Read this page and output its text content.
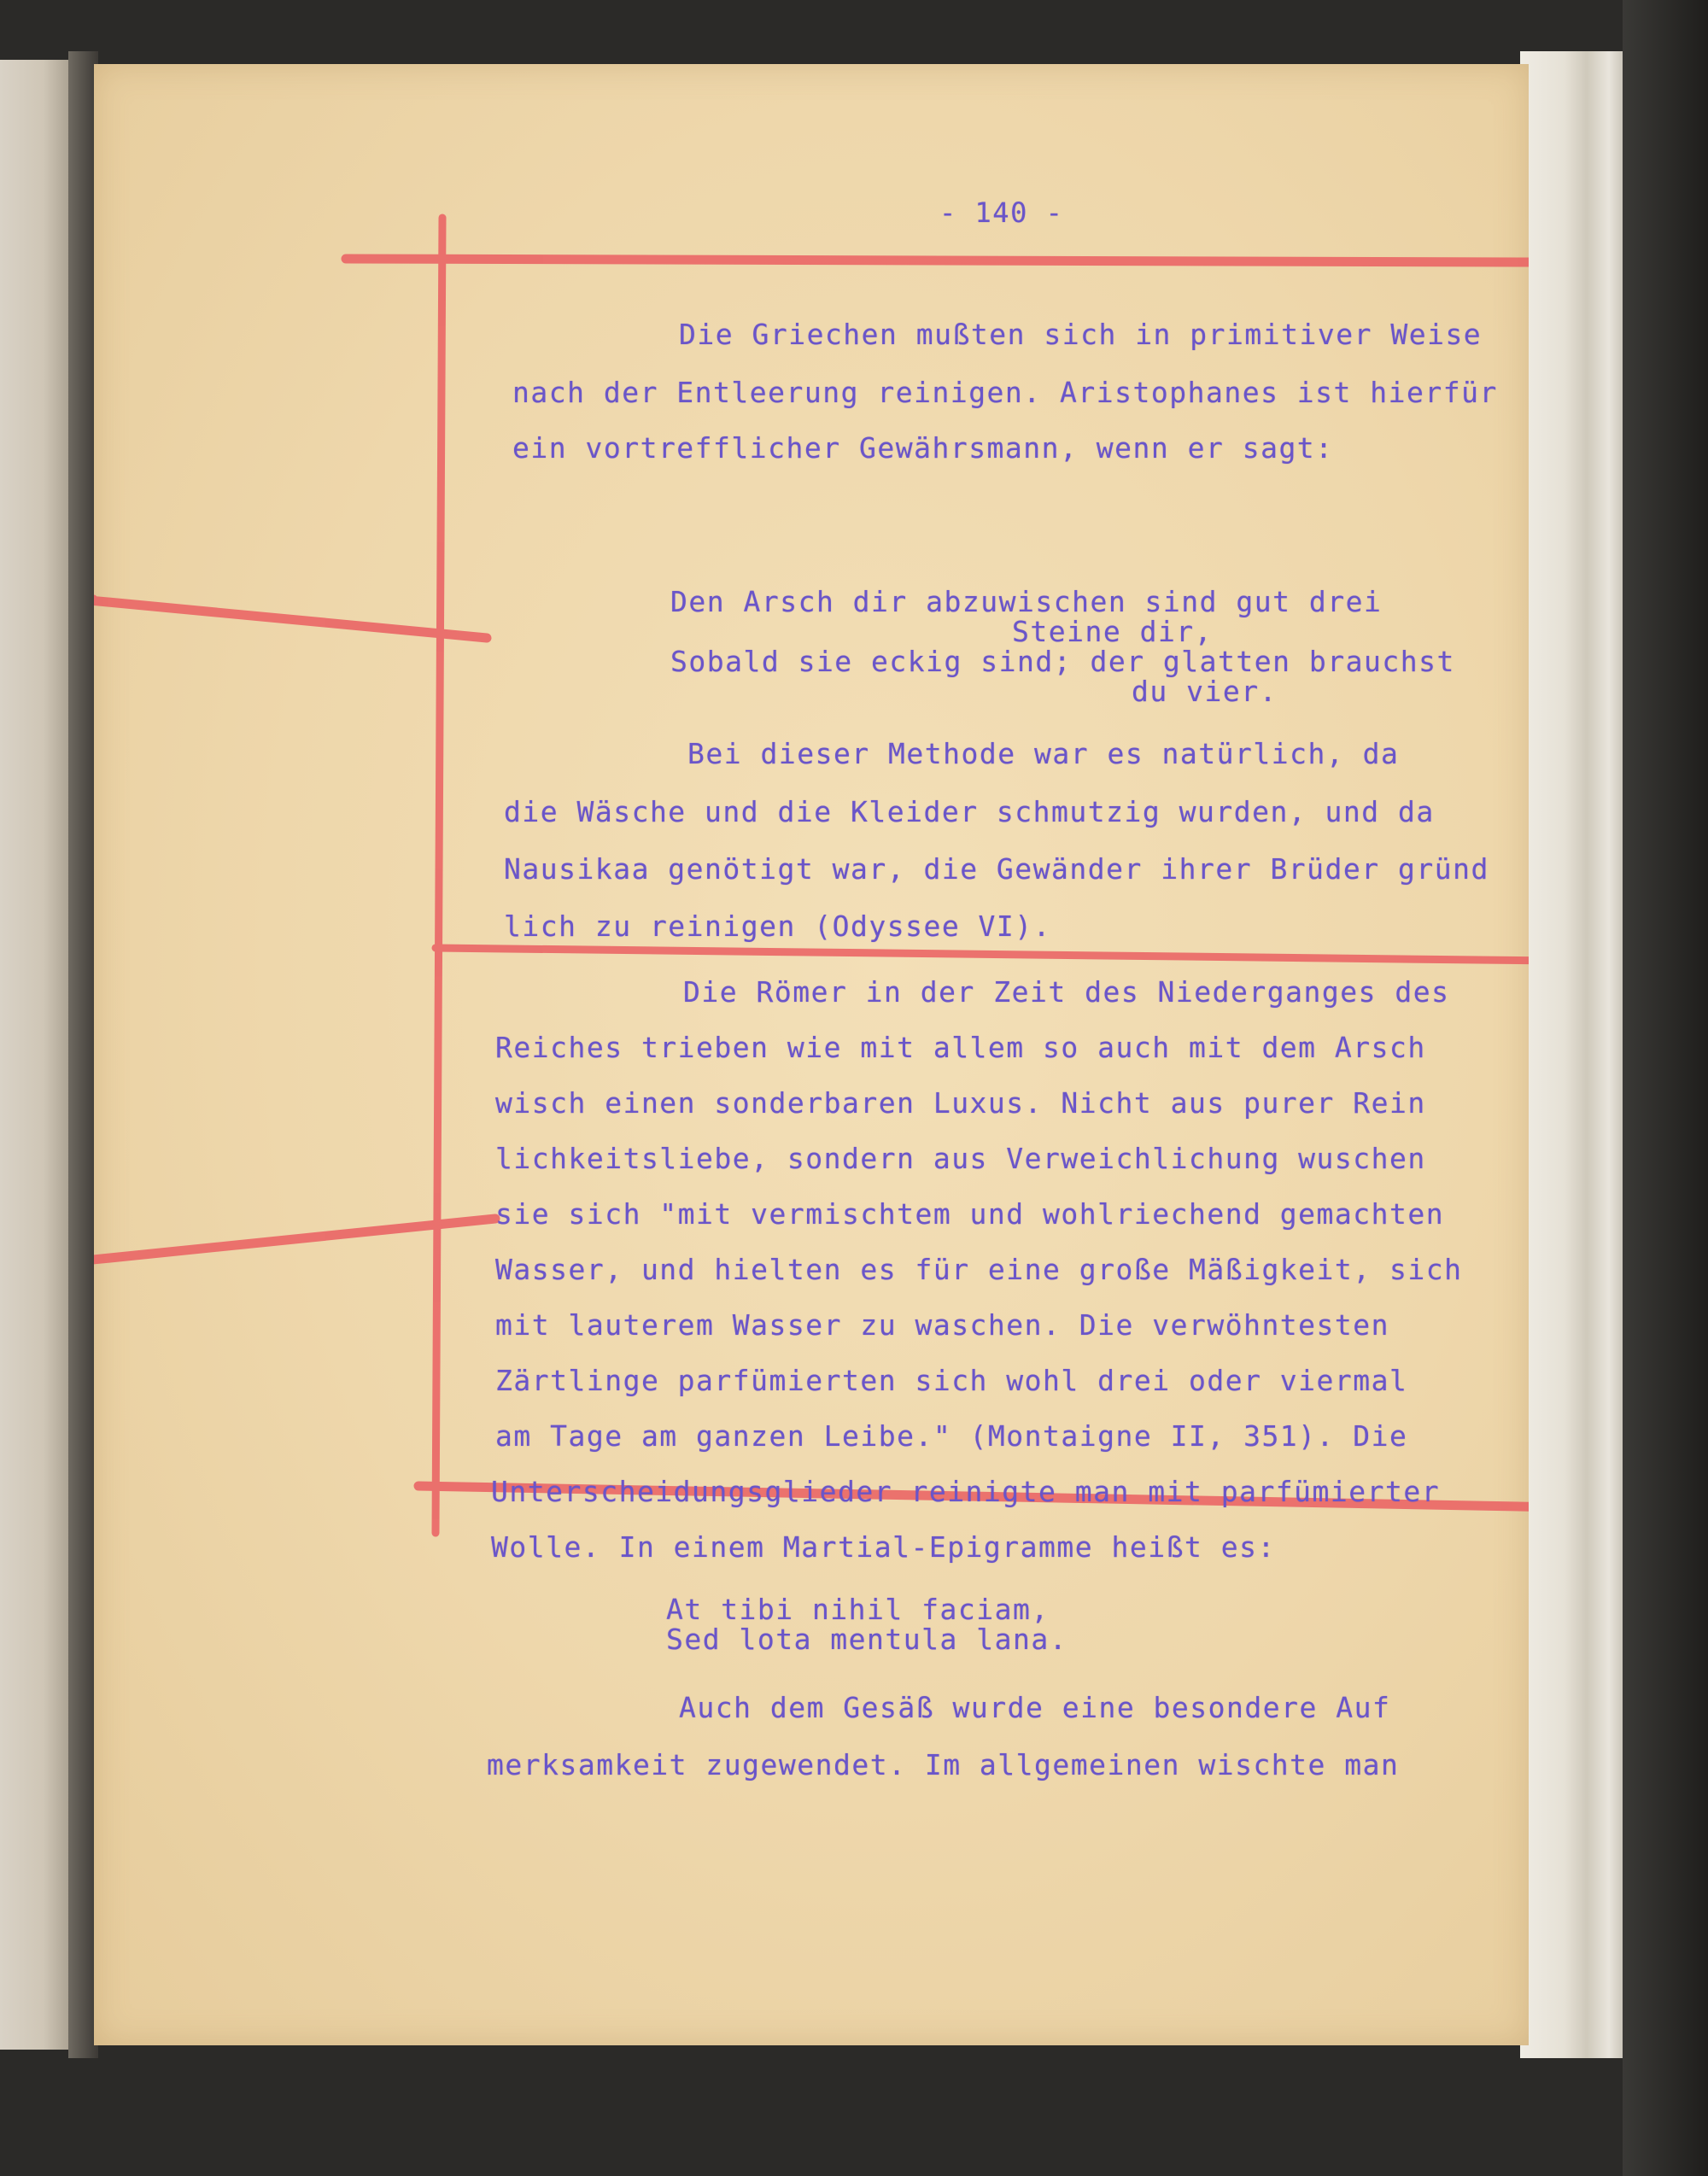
- 140 -
Die Griechen mußten sich in primitiver Weise
nach der Entleerung reinigen. Aristophanes ist hierfür
ein vortrefflicher Gewährsmann, wenn er sagt:
Den Arsch dir abzuwischen sind gut drei
Steine dir,
Sobald sie eckig sind; der glatten brauchst
du vier.
Bei dieser Methode war es natürlich, da
die Wäsche und die Kleider schmutzig wurden, und da
Nausikaa genötigt war, die Gewänder ihrer Brüder gründ
lich zu reinigen (Odyssee VI).
Die Römer in der Zeit des Niederganges des
Reiches trieben wie mit allem so auch mit dem Arsch
wisch einen sonderbaren Luxus. Nicht aus purer Rein
lichkeitsliebe, sondern aus Verweichlichung wuschen
sie sich "mit vermischtem und wohlriechend gemachten
Wasser, und hielten es für eine große Mäßigkeit, sich
mit lauterem Wasser zu waschen. Die verwöhntesten
Zärtlinge parfümierten sich wohl drei oder viermal
am Tage am ganzen Leibe." (Montaigne II, 351). Die
Unterscheidungsglieder reinigte man mit parfümierter
Wolle. In einem Martial-Epigramme heißt es:
At tibi nihil faciam,
Sed lota mentula lana.
Auch dem Gesäß wurde eine besondere Auf
merksamkeit zugewendet. Im allgemeinen wischte man
